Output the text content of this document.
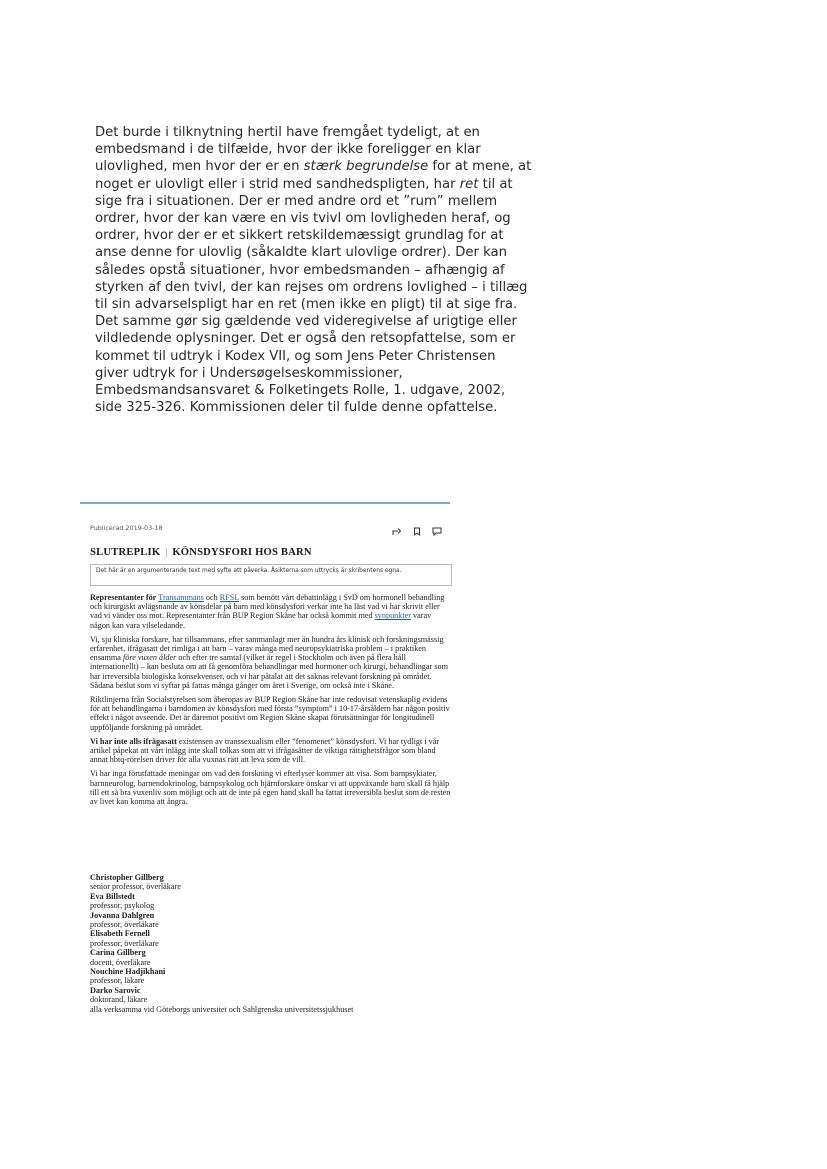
Det burde i tilknytning hertil have fremgået tydeligt, at en
embedsmand i de tilfælde, hvor der ikke foreligger en klar
ulovlighed, men hvor der er en stærk begrundelse for at mene, at
noget er ulovligt eller i strid med sandhedspligten, har ret til at
sige fra i situationen. Der er med andre ord et ”rum” mellem
ordrer, hvor der kan være en vis tvivl om lovligheden heraf, og
ordrer, hvor der er et sikkert retskildemæssigt grundlag for at
anse denne for ulovlig (såkaldte klart ulovlige ordrer). Der kan
således opstå situationer, hvor embedsmanden – afhængig af
styrken af den tvivl, der kan rejses om ordrens lovlighed – i tillæg
til sin advarselspligt har en ret (men ikke en pligt) til at sige fra.
Det samme gør sig gældende ved videregivelse af urigtige eller
vildledende oplysninger. Det er også den retsopfattelse, som er
kommet til udtryk i Kodex VII, og som Jens Peter Christensen
giver udtryk for i Undersøgelseskommissioner,
Embedsmandsansvaret & Folketingets Rolle, 1. udgave, 2002,
side 325-326. Kommissionen deler til fulde denne opfattelse.

Publicerad 2019-03-18
SLUTREPLIK | KÖNSDYSFORI HOS BARN
Det här är en argumenterande text med syfte att påverka. Åsikterna som uttrycks är skribentens egna.

Representanter för Transammans och RFSL som bemött vårt debattinlägg i SvD om hormonell behandling och kirurgiskt avlägsnande av könsdelar på barn med könsdysfori verkar inte ha läst vad vi har skrivit eller vad vi vänder oss mot. Representanter från BUP Region Skåne har också kommit med synpunkter varav någon kan vara vilseledande.

Vi, sju kliniska forskare, har tillsammans, efter sammanlagt mer än hundra års klinisk och forskningsmässig erfarenhet, ifrågasatt det rimliga i att barn – varav många med neuropsykiatriska problem – i praktiken ensamma före vuxen ålder och efter tre samtal (vilket är regel i Stockholm och även på flera håll internationellt) – kan besluta om att få genomföra behandlingar med hormoner och kirurgi, behandlingar som har irreversibla biologiska konsekvenser, och vi har påtalat att det saknas relevant forskning på området. Sådana beslut som vi syftar på fattas många gånger om året i Sverige, om också inte i Skåne.

Riktlinjerna från Socialstyrelsen som åberopas av BUP Region Skåne har inte redovisat vetenskaplig evidens för att behandlingarna i barndomen av könsdysfori med första ”symptom” i 10-17-årsåldern har någon positiv effekt i något avseende. Det är däremot positivt om Region Skåne skapat förutsättningar för longitudinell uppföljande forskning på området.

Vi har inte alls ifrågasatt existensen av transsexualism eller ”fenomenet” könsdysfori. Vi har tydligt i vår artikel påpekat att vårt inlägg inte skall tolkas som att vi ifrågasätter de viktiga rättighetsfrågor som bland annat hbtq-rörelsen driver för alla vuxnas rätt att leva som de vill.

Vi har inga förutfattade meningar om vad den forskning vi efterlyser kommer att visa. Som barnpsykiater, barnneurolog, barnendokrinolog, barnpsykolog och hjärnforskare önskar vi att uppväxande barn skall få hjälp till ett så bra vuxenliv som möjligt och att de inte på egen hand skall ha fattat irreversibla beslut som de resten av livet kan komma att ångra.

Christopher Gillberg
senior professor, överläkare
Eva Billstedt
professor, psykolog
Jovanna Dahlgren
professor, överläkare
Elisabeth Fernell
professor, överläkare
Carina Gillberg
docent, överläkare
Nouchine Hadjikhani
professor, läkare
Darko Sarovic
doktorand, läkare
alla verksamma vid Göteborgs universitet och Sahlgrenska universitetssjukhuset
